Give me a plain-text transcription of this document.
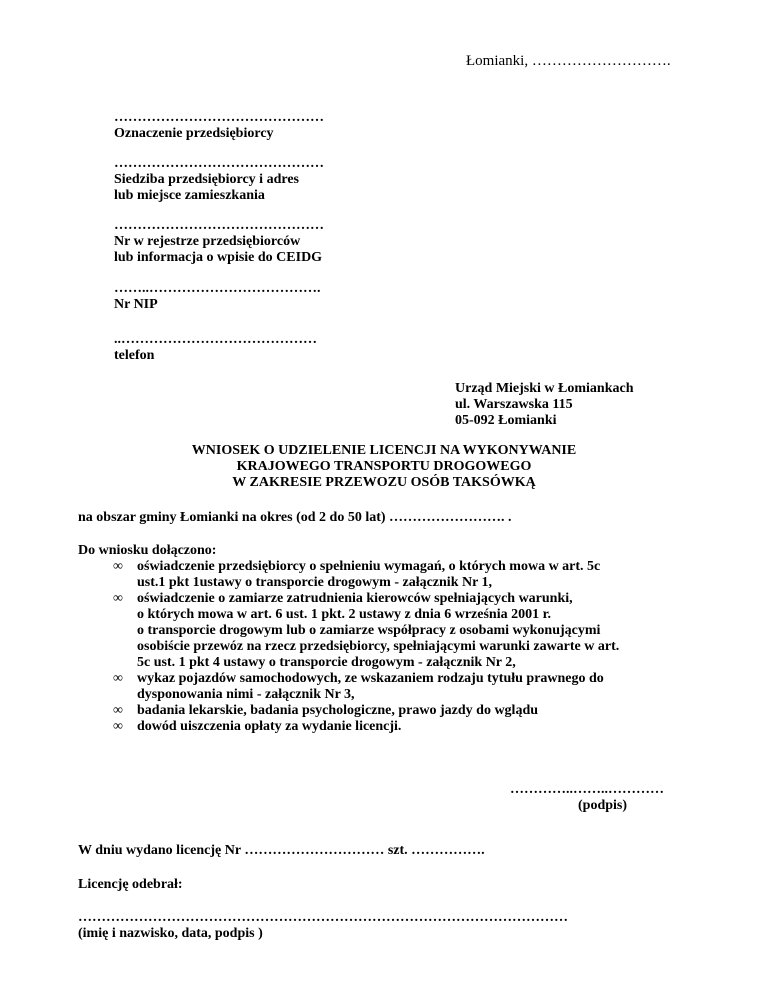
Łomianki, ……………………….
………………………………………
Oznaczenie przedsiębiorcy
………………………………………
Siedziba przedsiębiorcy i adres
lub miejsce zamieszkania
………………………………………
Nr w rejestrze przedsiębiorców
lub informacja o wpisie do CEIDG
……..……………………………….
Nr NIP
..……………………………………
telefon
Urząd Miejski w Łomiankach
ul. Warszawska 115
05-092 Łomianki
WNIOSEK O UDZIELENIE LICENCJI NA WYKONYWANIE
KRAJOWEGO TRANSPORTU DROGOWEGO
W ZAKRESIE PRZEWOZU OSÓB TAKSÓWKĄ
na obszar gminy Łomianki na okres (od 2 do 50 lat) ……………………. .
Do wniosku dołączono:
∞ oświadczenie przedsiębiorcy o spełnieniu wymagań, o których mowa w art. 5c
ust.1 pkt 1ustawy o transporcie drogowym - załącznik Nr 1,
∞ oświadczenie o zamiarze zatrudnienia kierowców spełniających warunki,
o których mowa w art. 6 ust. 1 pkt. 2 ustawy z dnia 6 września 2001 r.
o transporcie drogowym lub o zamiarze współpracy z osobami wykonującymi
osobiście przewóz na rzecz przedsiębiorcy, spełniającymi warunki zawarte w art.
5c ust. 1 pkt 4 ustawy o transporcie drogowym - załącznik Nr 2,
∞ wykaz pojazdów samochodowych, ze wskazaniem rodzaju tytułu prawnego do
dysponowania nimi - załącznik Nr 3,
∞ badania lekarskie, badania psychologiczne, prawo jazdy do wglądu
∞ dowód uiszczenia opłaty za wydanie licencji.
…………..……..…………
(podpis)
W dniu wydano licencję Nr ………………………… szt. …………….
Licencję odebrał:
……………………………………………………………………………………………
(imię i nazwisko, data, podpis )
